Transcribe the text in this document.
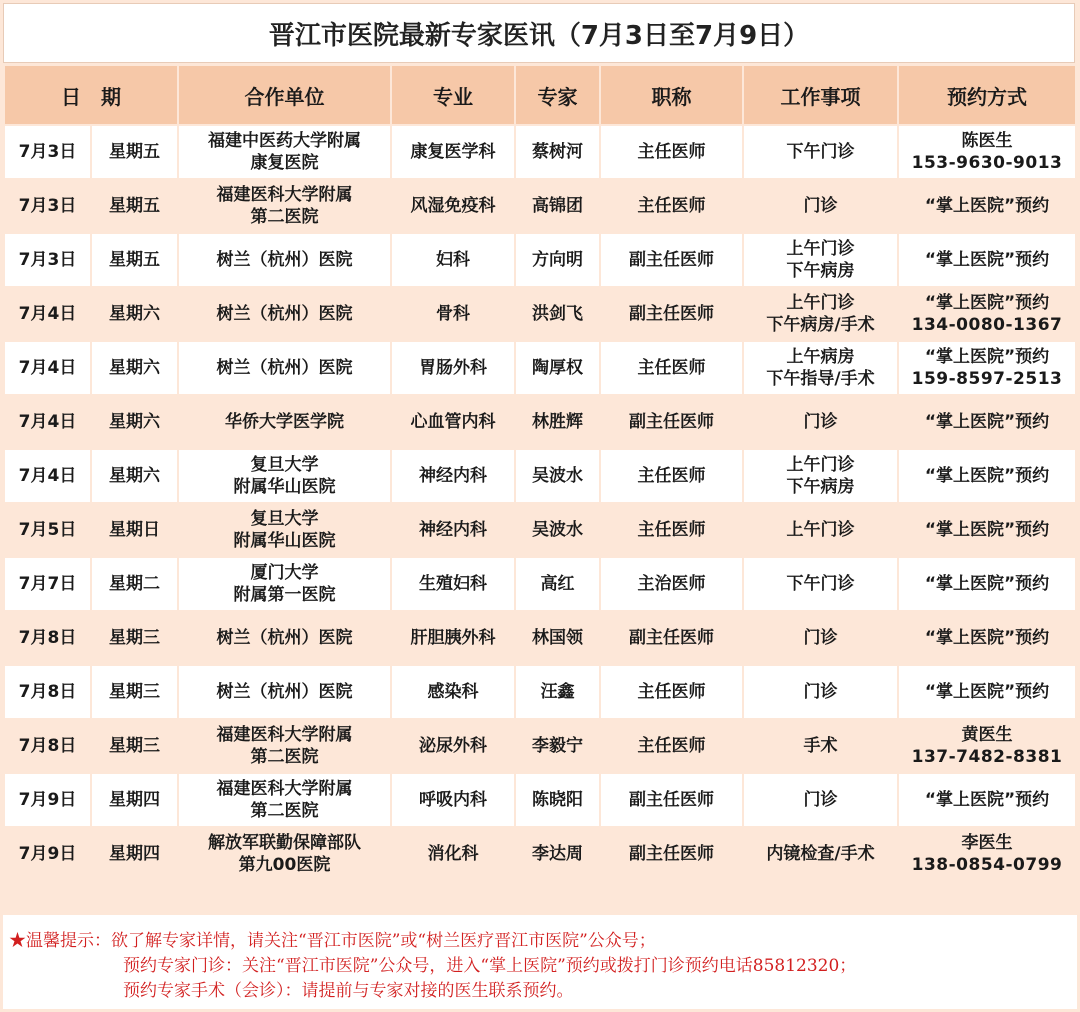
晋江市医院最新专家医讯（7月3日至7月9日）
日　期		合作单位	专业	专家	职称	工作事项	预约方式
7月3日	星期五	福建中医药大学附属
康复医院	康复医学科	蔡树河	主任医师	下午门诊	陈医生
153-9630-9013

7月3日	星期五	福建医科大学附属
第二医院	风湿免疫科	高锦团	主任医师	门诊	“掌上医院”预约

7月3日	星期五	树兰（杭州）医院	妇科	方向明	副主任医师	上午门诊
下午病房	“掌上医院”预约

7月4日	星期六	树兰（杭州）医院	骨科	洪剑飞	副主任医师	上午门诊
下午病房/手术	“掌上医院”预约
134-0080-1367

7月4日	星期六	树兰（杭州）医院	胃肠外科	陶厚权	主任医师	上午病房
下午指导/手术	“掌上医院”预约
159-8597-2513

7月4日	星期六	华侨大学医学院	心血管内科	林胜辉	副主任医师	门诊	“掌上医院”预约

7月4日	星期六	复旦大学
附属华山医院	神经内科	吴波水	主任医师	上午门诊
下午病房	“掌上医院”预约

7月5日	星期日	复旦大学
附属华山医院	神经内科	吴波水	主任医师	上午门诊	“掌上医院”预约

7月7日	星期二	厦门大学
附属第一医院	生殖妇科	高红	主治医师	下午门诊	“掌上医院”预约

7月8日	星期三	树兰（杭州）医院	肝胆胰外科	林国领	副主任医师	门诊	“掌上医院”预约

7月8日	星期三	树兰（杭州）医院	感染科	汪鑫	主任医师	门诊	“掌上医院”预约

7月8日	星期三	福建医科大学附属
第二医院	泌尿外科	李毅宁	主任医师	手术	黄医生
137-7482-8381

7月9日	星期四	福建医科大学附属
第二医院	呼吸内科	陈晓阳	副主任医师	门诊	“掌上医院”预约

7月9日	星期四	解放军联勤保障部队
第九00医院	消化科	李达周	副主任医师	内镜检查/手术	李医生
138-0854-0799
★温馨提示：欲了解专家详情，请关注“晋江市医院”或“树兰医疗晋江市医院”公众号；
预约专家门诊：关注“晋江市医院”公众号，进入“掌上医院”预约或拨打门诊预约电话85812320；
预约专家手术（会诊）：请提前与专家对接的医生联系预约。
